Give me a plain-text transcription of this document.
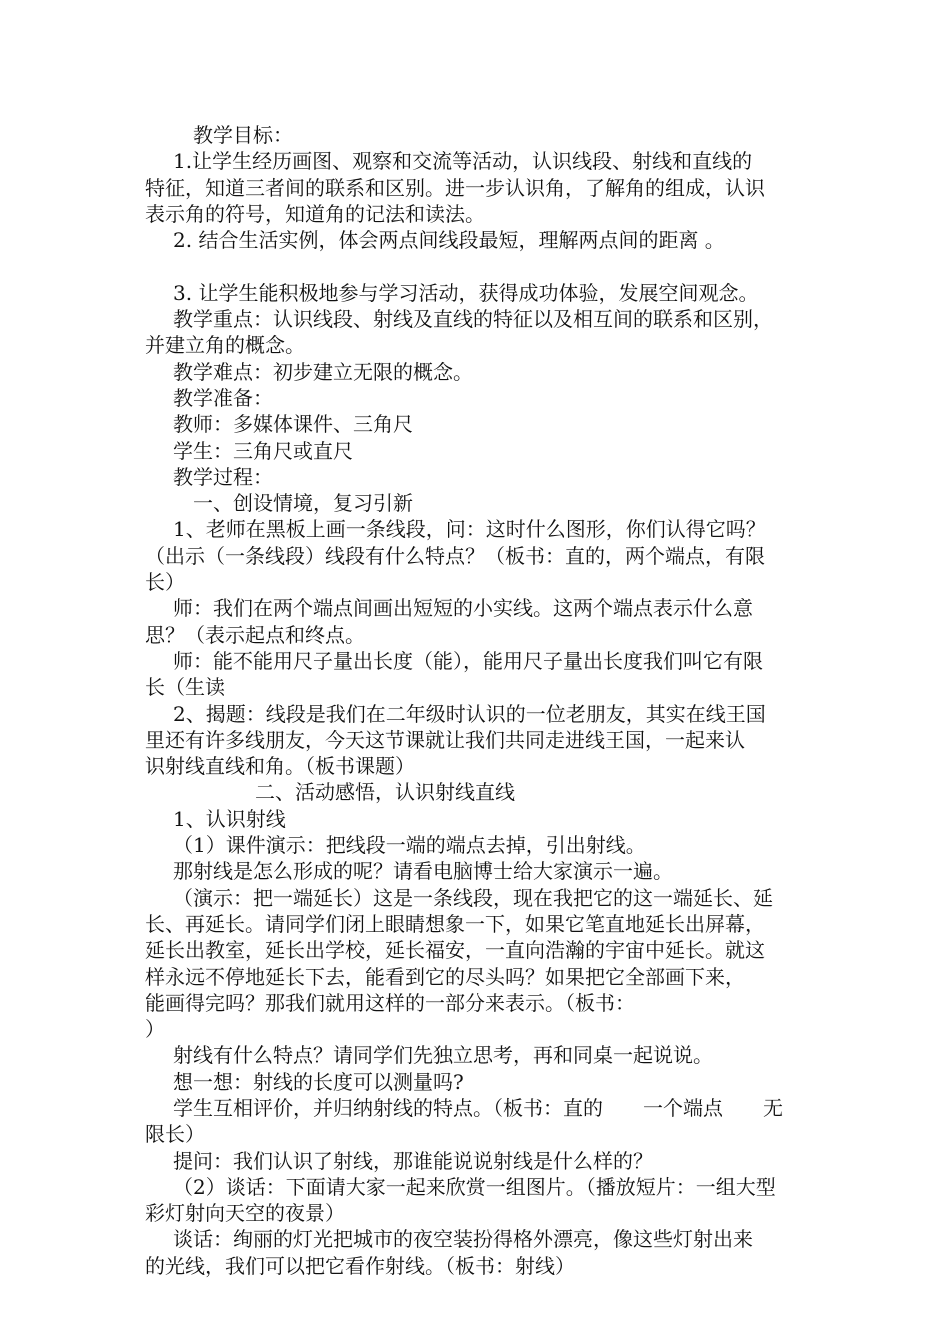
教学目标：
1.让学生经历画图、观察和交流等活动，认识线段、射线和直线的
特征，知道三者间的联系和区别。进一步认识角，了解角的组成，认识
表示角的符号，知道角的记法和读法。
2. 结合生活实例，体会两点间线段最短，理解两点间的距离 。
3. 让学生能积极地参与学习活动，获得成功体验，发展空间观念。
教学重点：认识线段、射线及直线的特征以及相互间的联系和区别，
并建立角的概念。
教学难点：初步建立无限的概念。
教学准备：
教师：多媒体课件、三角尺
学生：三角尺或直尺
教学过程：
一、创设情境，复习引新
1、老师在黑板上画一条线段，问：这时什么图形，你们认得它吗？
（出示（一条线段）线段有什么特点？（板书：直的，两个端点，有限
长）
师：我们在两个端点间画出短短的小实线。这两个端点表示什么意
思？（表示起点和终点。
师：能不能用尺子量出长度（能），能用尺子量出长度我们叫它有限
长（生读
2、揭题：线段是我们在二年级时认识的一位老朋友，其实在线王国
里还有许多线朋友，今天这节课就让我们共同走进线王国，一起来认
识射线直线和角。（板书课题）
二、活动感悟，认识射线直线
1、认识射线
（1）课件演示：把线段一端的端点去掉，引出射线。
那射线是怎么形成的呢？请看电脑博士给大家演示一遍。
（演示：把一端延长）这是一条线段，现在我把它的这一端延长、延
长、再延长。请同学们闭上眼睛想象一下，如果它笔直地延长出屏幕，
延长出教室，延长出学校，延长福安，一直向浩瀚的宇宙中延长。就这
样永远不停地延长下去，能看到它的尽头吗？如果把它全部画下来，
能画得完吗？那我们就用这样的一部分来表示。（板书：
）
射线有什么特点？请同学们先独立思考，再和同桌一起说说。
想一想：射线的长度可以测量吗?
学生互相评价，并归纳射线的特点。（板书：直的 一个端点 无
限长）
提问：我们认识了射线，那谁能说说射线是什么样的？
（2）谈话：下面请大家一起来欣赏一组图片。（播放短片：一组大型
彩灯射向天空的夜景）
谈话：绚丽的灯光把城市的夜空装扮得格外漂亮，像这些灯射出来
的光线，我们可以把它看作射线。（板书：射线）
